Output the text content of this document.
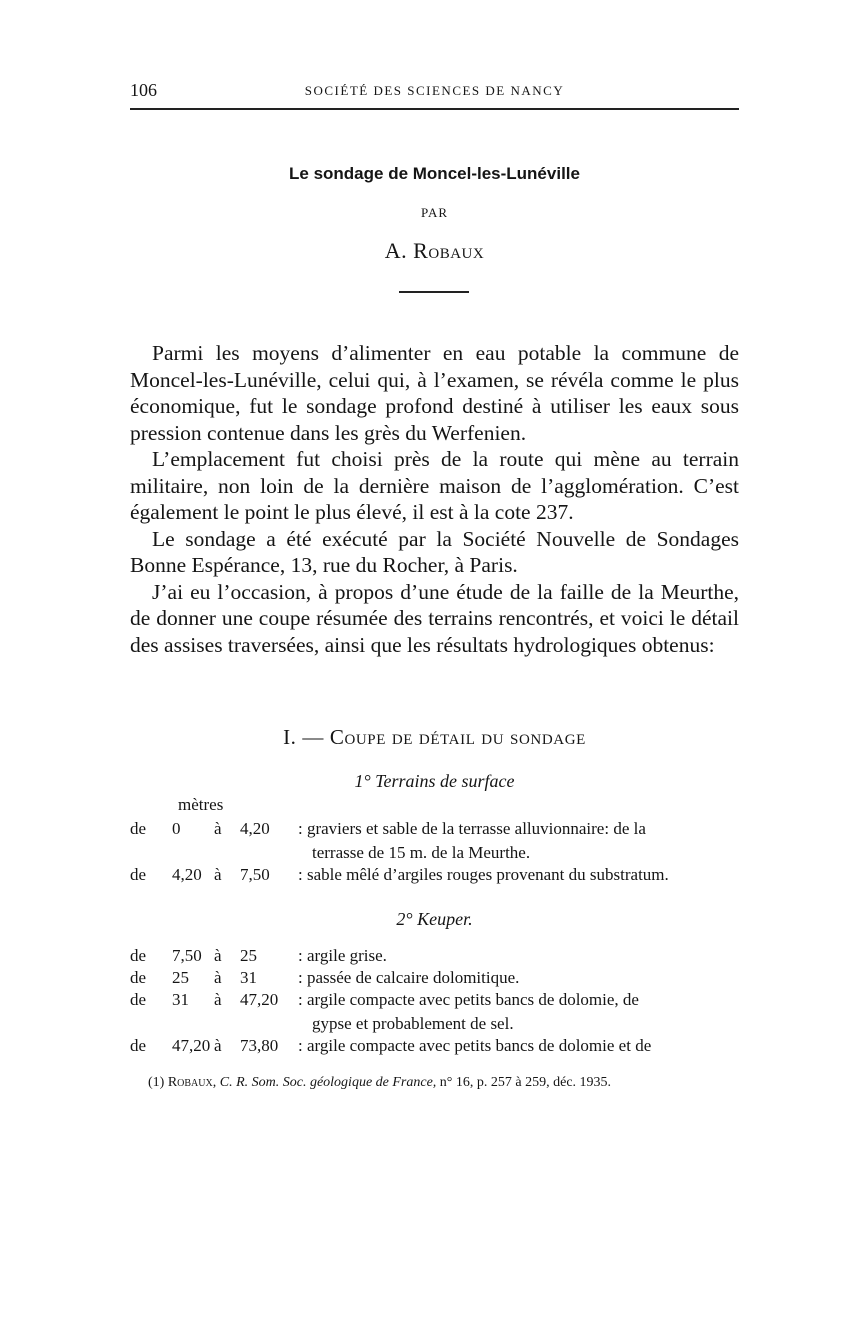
106	SOCIÉTÉ DES SCIENCES DE NANCY
Le sondage de Moncel-les-Lunéville
PAR
A. Robaux

Parmi les moyens d’alimenter en eau potable la commune de Moncel-les-Lunéville, celui qui, à l’examen, se révéla comme le plus économique, fut le sondage profond destiné à utiliser les eaux sous pression contenue dans les grès du Werfenien.

L’emplacement fut choisi près de la route qui mène au terrain militaire, non loin de la dernière maison de l’agglomération. C’est également le point le plus élevé, il est à la cote 237.

Le sondage a été exécuté par la Société Nouvelle de Sondages Bonne Espérance, 13, rue du Rocher, à Paris.

J’ai eu l’occasion, à propos d’une étude de la faille de la Meurthe, de donner une coupe résumée des terrains rencontrés, et voici le détail des assises traversées, ainsi que les résultats hydrologiques obtenus:

I. — Coupe de détail du sondage
1° Terrains de surface
mètres
de 0 à 4,20 : graviers et sable de la terrasse alluvionnaire: de la
terrasse de 15 m. de la Meurthe.
de 4,20 à 7,50 : sable mêlé d’argiles rouges provenant du substratum.
2° Keuper.
de 7,50 à 25 : argile grise.
de 25 à 31 : passée de calcaire dolomitique.
de 31 à 47,20 : argile compacte avec petits bancs de dolomie, de
gypse et probablement de sel.
de 47,20 à 73,80 : argile compacte avec petits bancs de dolomie et de
(1) Robaux, C. R. Som. Soc. géologique de France, n° 16, p. 257 à 259, déc. 1935.
